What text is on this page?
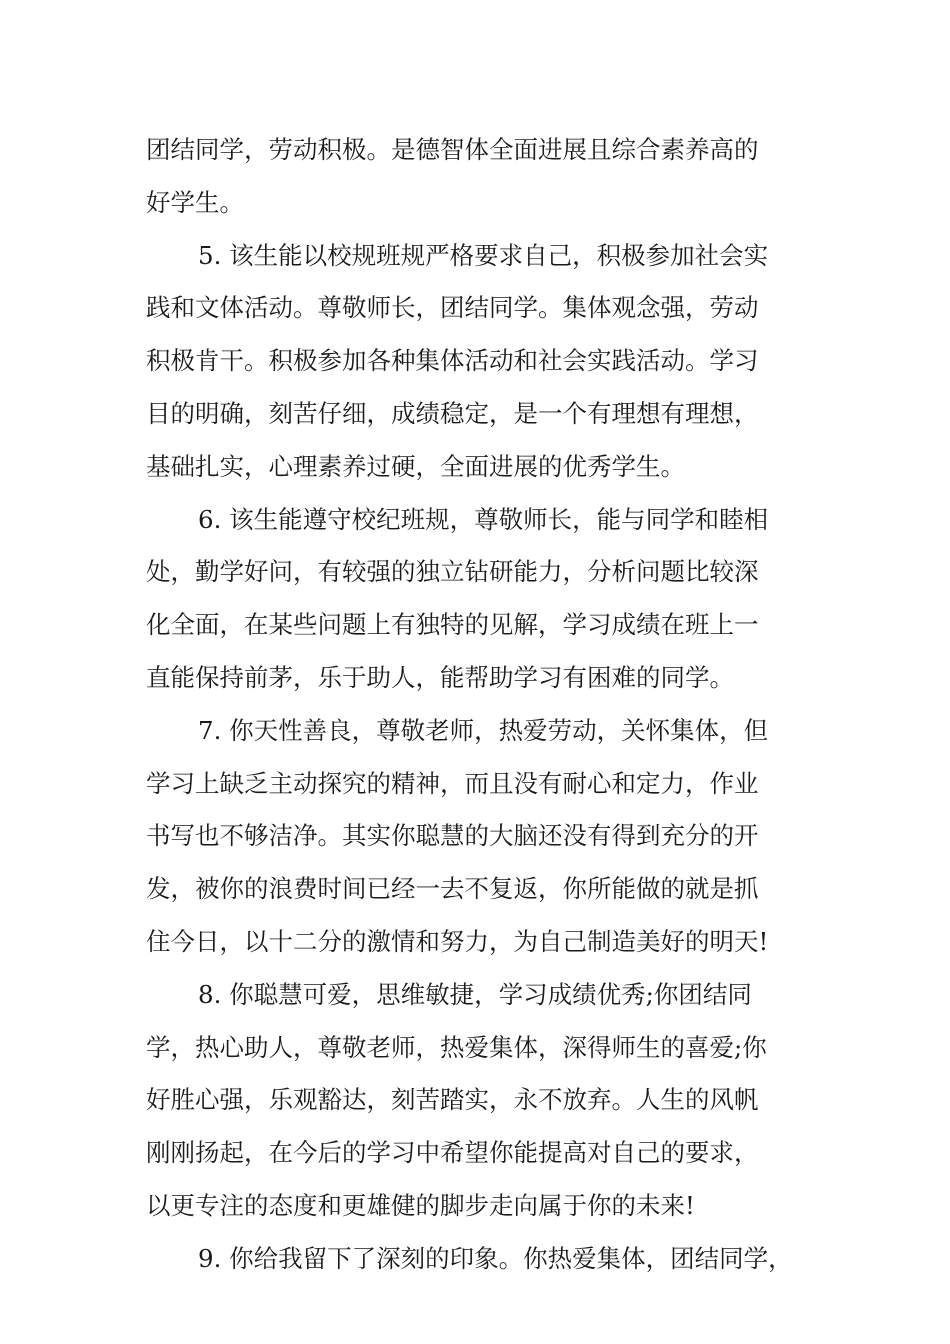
团结同学，劳动积极。是德智体全面进展且综合素养高的
好学生。
5. 该生能以校规班规严格要求自己，积极参加社会实
践和文体活动。尊敬师长，团结同学。集体观念强，劳动
积极肯干。积极参加各种集体活动和社会实践活动。学习
目的明确，刻苦仔细，成绩稳定，是一个有理想有理想，
基础扎实，心理素养过硬，全面进展的优秀学生。
6. 该生能遵守校纪班规，尊敬师长，能与同学和睦相
处，勤学好问，有较强的独立钻研能力，分析问题比较深
化全面，在某些问题上有独特的见解，学习成绩在班上一
直能保持前茅，乐于助人，能帮助学习有困难的同学。
7. 你天性善良，尊敬老师，热爱劳动，关怀集体，但
学习上缺乏主动探究的精神，而且没有耐心和定力，作业
书写也不够洁净。其实你聪慧的大脑还没有得到充分的开
发，被你的浪费时间已经一去不复返，你所能做的就是抓
住今日，以十二分的激情和努力，为自己制造美好的明天!
8. 你聪慧可爱，思维敏捷，学习成绩优秀;你团结同
学，热心助人，尊敬老师，热爱集体，深得师生的喜爱;你
好胜心强，乐观豁达，刻苦踏实，永不放弃。人生的风帆
刚刚扬起，在今后的学习中希望你能提高对自己的要求，
以更专注的态度和更雄健的脚步走向属于你的未来!
9. 你给我留下了深刻的印象。你热爱集体，团结同学，
